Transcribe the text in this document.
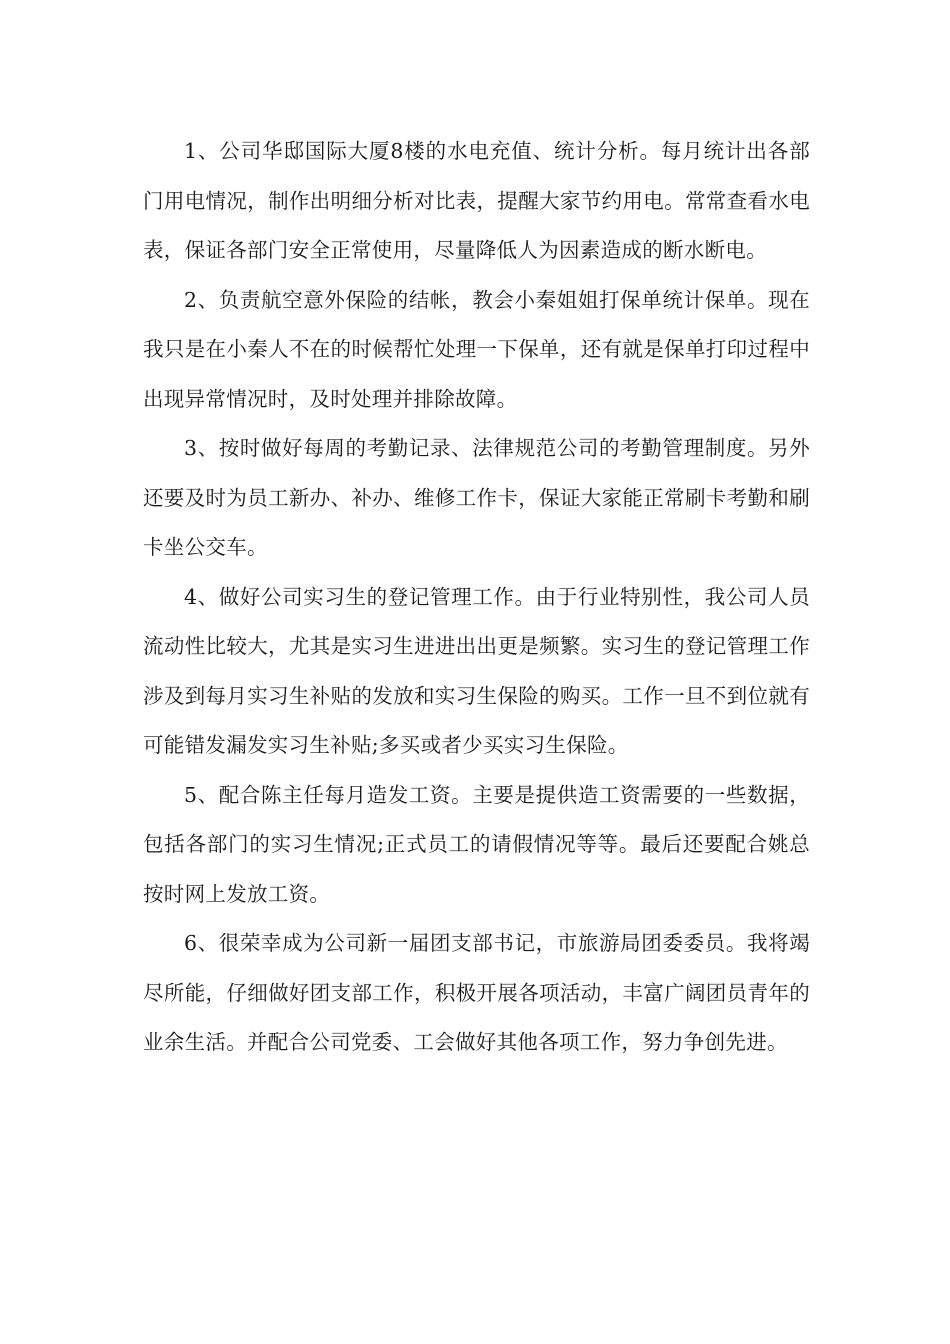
1、公司华邸国际大厦8楼的水电充值、统计分析。每月统计出各部门用电情况，制作出明细分析对比表，提醒大家节约用电。常常查看水电表，保证各部门安全正常使用，尽量降低人为因素造成的断水断电。

2、负责航空意外保险的结帐，教会小秦姐姐打保单统计保单。现在我只是在小秦人不在的时候帮忙处理一下保单，还有就是保单打印过程中出现异常情况时，及时处理并排除故障。

3、按时做好每周的考勤记录、法律规范公司的考勤管理制度。另外还要及时为员工新办、补办、维修工作卡，保证大家能正常刷卡考勤和刷卡坐公交车。

4、做好公司实习生的登记管理工作。由于行业特别性，我公司人员流动性比较大，尤其是实习生进进出出更是频繁。实习生的登记管理工作涉及到每月实习生补贴的发放和实习生保险的购买。工作一旦不到位就有可能错发漏发实习生补贴;多买或者少买实习生保险。

5、配合陈主任每月造发工资。主要是提供造工资需要的一些数据，包括各部门的实习生情况;正式员工的请假情况等等。最后还要配合姚总按时网上发放工资。

6、很荣幸成为公司新一届团支部书记，市旅游局团委委员。我将竭尽所能，仔细做好团支部工作，积极开展各项活动，丰富广阔团员青年的业余生活。并配合公司党委、工会做好其他各项工作，努力争创先进。
